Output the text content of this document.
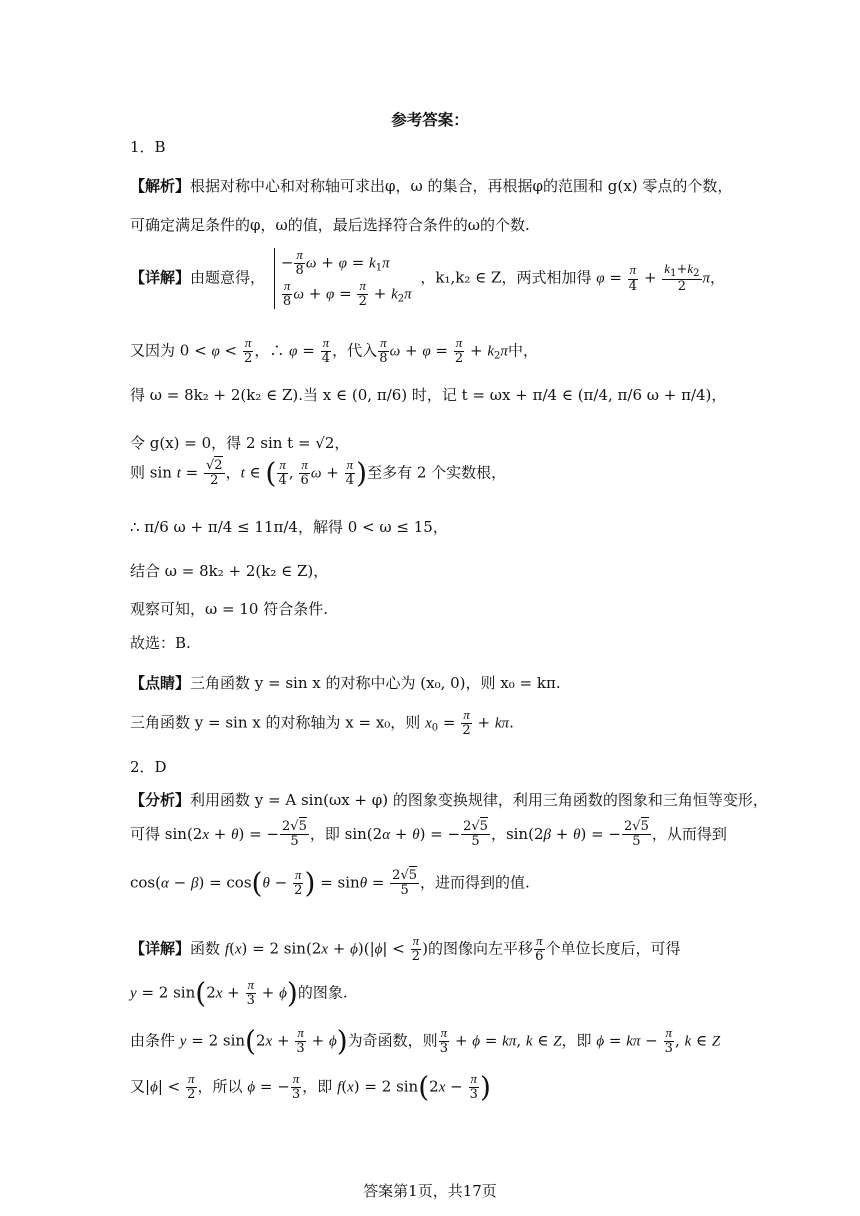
参考答案：
1．B
【解析】根据对称中心和对称轴可求出φ，ω 的集合，再根据φ的范围和 g(x) 零点的个数，
可确定满足条件的φ，ω的值，最后选择符合条件的ω的个数.
【详解】由题意得，
− $\frac{\pi}{8}$ $\omega + \varphi = k_1\pi$
$\frac{\pi}{8}$ $\omega + \varphi = \frac{\pi}{2} + k_2\pi$
，k₁,k₂ ∈ Z，两式相加得 $\varphi = \frac{\pi}{4} + \frac{k_1+k_2}{2}$ π，
又因为 $0 < \varphi < \frac{\pi}{2}$ ，∴ $\varphi = \frac{\pi}{4}$ ，代入 $\frac{\pi}{8}$ $\omega + \varphi = \frac{\pi}{2} + k_2\pi$中，
得 ω = 8k₂ + 2(k₂ ∈ Z).当 x ∈ (0, π/6) 时，记 t = ωx + π/4 ∈ (π/4, π/6 ω + π/4)，
令 g(x) = 0，得 2 sin t = √2，
则 $\sin t = \frac{√2}{2}$ ，t ∈ ( $\frac{\pi}{4}$ , $\frac{\pi}{6}$ $\omega + \frac{\pi}{4}$ )至多有 2 个实数根，
∴ π/6 ω + π/4 ≤ 11π/4，解得 0 < ω ≤ 15，
结合 ω = 8k₂ + 2(k₂ ∈ Z)，
观察可知，ω = 10 符合条件.
故选：B.
【点睛】三角函数 y = sin x 的对称中心为 (x₀, 0)，则 x₀ = kπ.
三角函数 y = sin x 的对称轴为 x = x₀，则 $x_0 = \frac{\pi}{2} + k\pi$.
2．D
【分析】利用函数 y = A sin(ωx + φ) 的图象变换规律，利用三角函数的图象和三角恒等变形，
可得 sin(2x + θ) = − $\frac{2√5}{5}$ ，即 sin(2α + θ) = − $\frac{2√5}{5}$ ，sin(2β + θ) = − $\frac{2√5}{5}$ ，从而得到
$\cos(\alpha - \beta) = \cos(\theta - \frac{\pi}{2}$ ) = $\sin\theta = \frac{2√5}{5}$ ，进而得到的值.
【详解】函数 f(x) = 2 $\sin(2x + \phi)(|\phi| < \frac{\pi}{2}$ )的图像向左平移 $\frac{\pi}{6}$ 个单位长度后，可得
y = 2 $\sin(2x + \frac{\pi}{3} + \phi)$的图象.
由条件 y = 2 $\sin(2x + \frac{\pi}{3} + \phi)$为奇函数，则 $\frac{\pi}{3} + \phi = k\pi$, k ∈ Z，即 $\phi = k\pi - \frac{\pi}{3}$ , k ∈ Z
又$|\phi| < \frac{\pi}{2}$ ，所以 ϕ = − $\frac{\pi}{3}$ ，即 f(x) = 2 $\sin(2x - \frac{\pi}{3}$ )
答案第1页，共17页
